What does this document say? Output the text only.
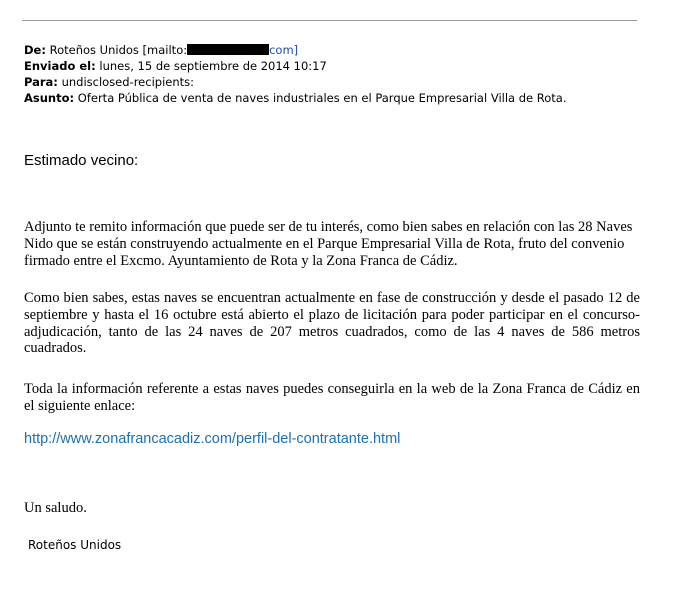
De: Roteños Unidos [mailto:	com]
Enviado el: lunes, 15 de septiembre de 2014 10:17
Para: undisclosed-recipients:
Asunto: Oferta Pública de venta de naves industriales en el Parque Empresarial Villa de Rota.
Estimado vecino:
Adjunto te remito información que puede ser de tu interés, como bien sabes en relación con las 28 Naves Nido que se están construyendo actualmente en el Parque Empresarial Villa de Rota, fruto del convenio firmado entre el Excmo. Ayuntamiento de Rota y la Zona Franca de Cádiz.
Como bien sabes, estas naves se encuentran actualmente en fase de construcción y desde el pasado 12 de septiembre y hasta el 16 octubre está abierto el plazo de licitación para poder participar en el concurso-adjudicación, tanto de las 24 naves de 207 metros cuadrados, como de las 4 naves de 586 metros cuadrados.
Toda la información referente a estas naves puedes conseguirla en la web de la Zona Franca de Cádiz en el siguiente enlace:
http://www.zonafrancacadiz.com/perfil-del-contratante.html
Un saludo.
Roteños Unidos
